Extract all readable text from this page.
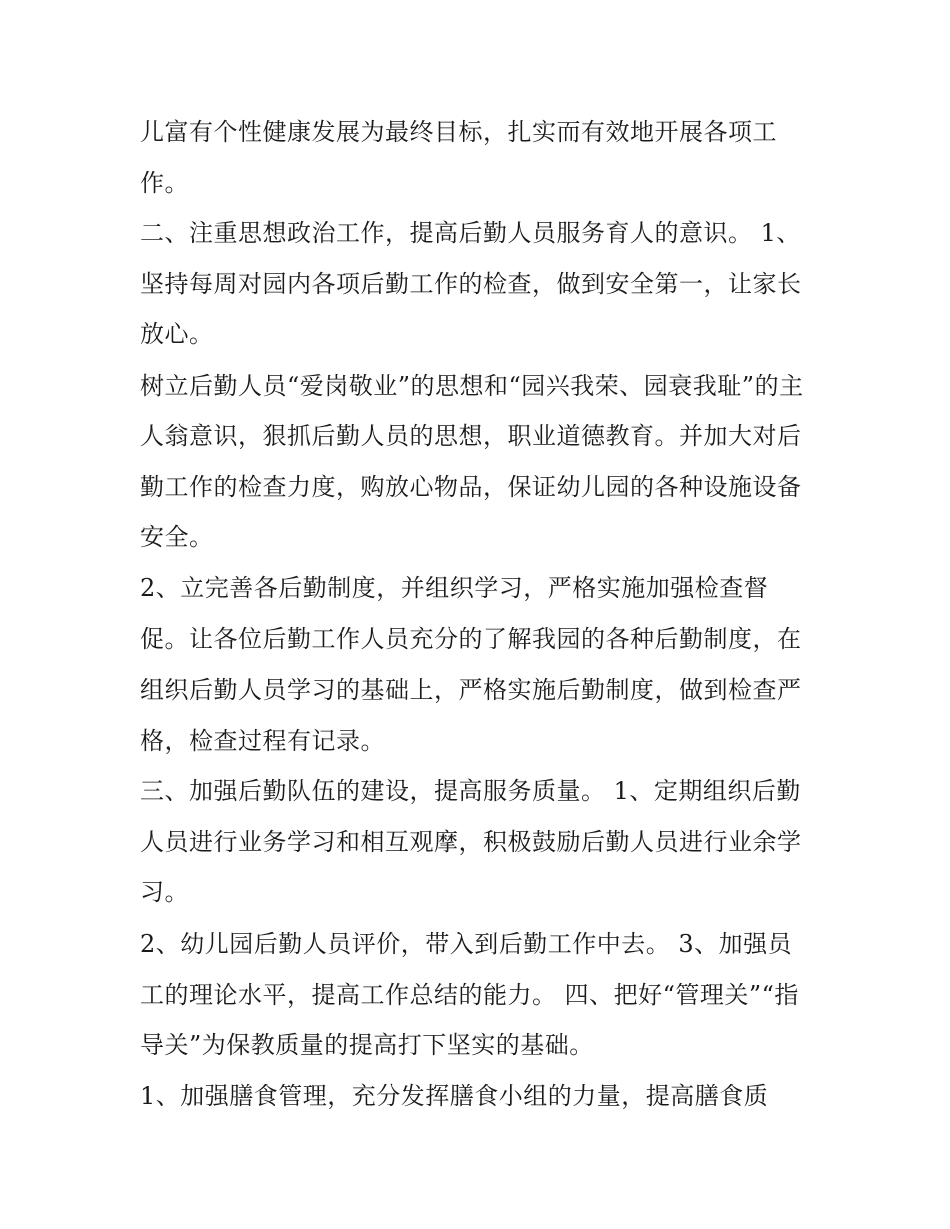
儿富有个性健康发展为最终目标，扎实而有效地开展各项工
作。
二、注重思想政治工作，提高后勤人员服务育人的意识。 1、
坚持每周对园内各项后勤工作的检查，做到安全第一，让家长
放心。
树立后勤人员“爱岗敬业”的思想和“园兴我荣、园衰我耻”的主
人翁意识，狠抓后勤人员的思想，职业道德教育。并加大对后
勤工作的检查力度，购放心物品，保证幼儿园的各种设施设备
安全。
2、立完善各后勤制度，并组织学习，严格实施加强检查督
促。让各位后勤工作人员充分的了解我园的各种后勤制度，在
组织后勤人员学习的基础上，严格实施后勤制度，做到检查严
格，检查过程有记录。
三、加强后勤队伍的建设，提高服务质量。 1、定期组织后勤
人员进行业务学习和相互观摩，积极鼓励后勤人员进行业余学
习。
2、幼儿园后勤人员评价，带入到后勤工作中去。 3、加强员
工的理论水平，提高工作总结的能力。 四、把好“管理关”“指
导关”为保教质量的提高打下坚实的基础。
1、加强膳食管理，充分发挥膳食小组的力量，提高膳食质
